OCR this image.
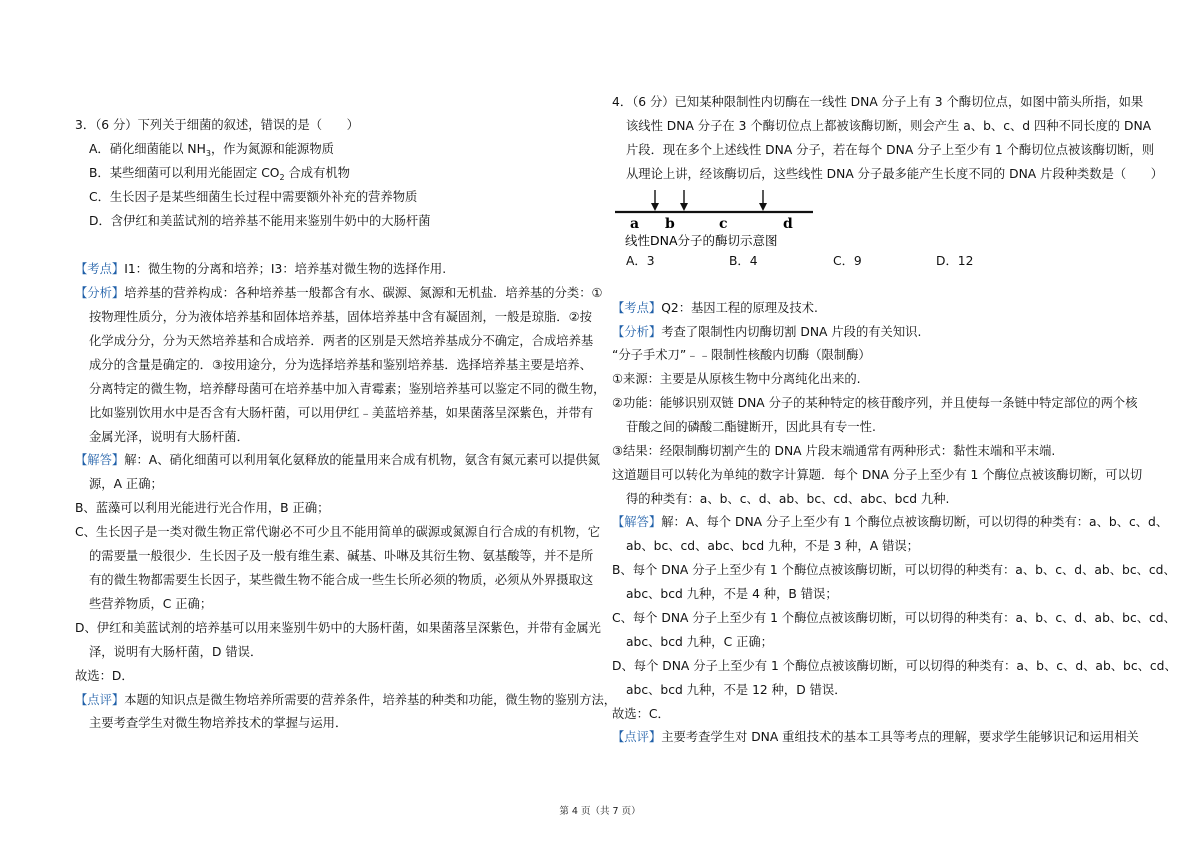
3．（6 分）下列关于细菌的叙述，错误的是（　　）
A．硝化细菌能以 $NH_3$，作为氮源和能源物质
B．某些细菌可以利用光能固定 $CO_2$ 合成有机物
C．生长因子是某些细菌生长过程中需要额外补充的营养物质
D．含伊红和美蓝试剂的培养基不能用来鉴别牛奶中的大肠杆菌
【考点】I1：微生物的分离和培养；I3：培养基对微生物的选择作用.
【分析】培养基的营养构成：各种培养基一般都含有水、碳源、氮源和无机盐．培养基的分类：①
按物理性质分，分为液体培养基和固体培养基，固体培养基中含有凝固剂，一般是琼脂．②按
化学成分分，分为天然培养基和合成培养．两者的区别是天然培养基成分不确定，合成培养基
成分的含量是确定的．③按用途分，分为选择培养基和鉴别培养基．选择培养基主要是培养、
分离特定的微生物，培养酵母菌可在培养基中加入青霉素；鉴别培养基可以鉴定不同的微生物，
比如鉴别饮用水中是否含有大肠杆菌，可以用伊红﹣美蓝培养基，如果菌落呈深紫色，并带有
金属光泽，说明有大肠杆菌．
【解答】解：A、硝化细菌可以利用氧化氨释放的能量用来合成有机物，氨含有氮元素可以提供氮
源，A 正确；
B、蓝藻可以利用光能进行光合作用，B 正确；
C、生长因子是一类对微生物正常代谢必不可少且不能用简单的碳源或氮源自行合成的有机物，它
的需要量一般很少．生长因子及一般有维生素、碱基、卟啉及其衍生物、氨基酸等，并不是所
有的微生物都需要生长因子，某些微生物不能合成一些生长所必须的物质，必须从外界摄取这
些营养物质，C 正确；
D、伊红和美蓝试剂的培养基可以用来鉴别牛奶中的大肠杆菌，如果菌落呈深紫色，并带有金属光
泽，说明有大肠杆菌，D 错误．
故选：D．
【点评】本题的知识点是微生物培养所需要的营养条件，培养基的种类和功能，微生物的鉴别方法，
主要考查学生对微生物培养技术的掌握与运用．
4．（6 分）已知某种限制性内切酶在一线性 DNA 分子上有 3 个酶切位点，如图中箭头所指，如果
该线性 DNA 分子在 3 个酶切位点上都被该酶切断，则会产生 a、b、c、d 四种不同长度的 DNA
片段．现在多个上述线性 DNA 分子，若在每个 DNA 分子上至少有 1 个酶切位点被该酶切断，则
从理论上讲，经该酶切后，这些线性 DNA 分子最多能产生长度不同的 DNA 片段种类数是（　　）
a b	c	d
线性DNA分子的酶切示意图
A．3	B．4	C．9	D．12
【考点】Q2：基因工程的原理及技术.
【分析】考查了限制性内切酶切割 DNA 片段的有关知识.
“分子手术刀”﹣﹣限制性核酸内切酶（限制酶）
①来源：主要是从原核生物中分离纯化出来的.
②功能：能够识别双链 DNA 分子的某种特定的核苷酸序列，并且使每一条链中特定部位的两个核
苷酸之间的磷酸二酯键断开，因此具有专一性.
③结果：经限制酶切割产生的 DNA 片段末端通常有两种形式：黏性末端和平末端.
这道题目可以转化为单纯的数字计算题．每个 DNA 分子上至少有 1 个酶位点被该酶切断，可以切
得的种类有：a、b、c、d、ab、bc、cd、abc、bcd 九种.
【解答】解：A、每个 DNA 分子上至少有 1 个酶位点被该酶切断，可以切得的种类有：a、b、c、d、
ab、bc、cd、abc、bcd 九种，不是 3 种，A 错误；
B、每个 DNA 分子上至少有 1 个酶位点被该酶切断，可以切得的种类有：a、b、c、d、ab、bc、cd、
abc、bcd 九种，不是 4 种，B 错误；
C、每个 DNA 分子上至少有 1 个酶位点被该酶切断，可以切得的种类有：a、b、c、d、ab、bc、cd、
abc、bcd 九种，C 正确；
D、每个 DNA 分子上至少有 1 个酶位点被该酶切断，可以切得的种类有：a、b、c、d、ab、bc、cd、
abc、bcd 九种，不是 12 种，D 错误．
故选：C．
【点评】主要考查学生对 DNA 重组技术的基本工具等考点的理解，要求学生能够识记和运用相关
第 4 页（共 7 页）
